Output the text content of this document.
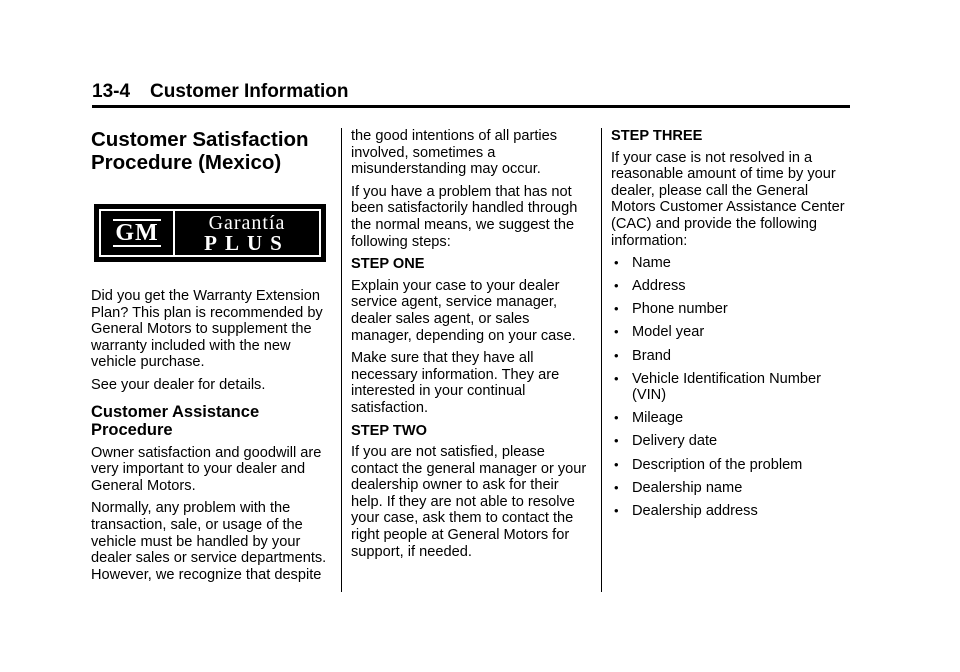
13-4 Customer Information
Customer Satisfaction Procedure (Mexico)
GM Garantía
PLUS

Did you get the Warranty Extension Plan? This plan is recommended by General Motors to supplement the warranty included with the new vehicle purchase.

See your dealer for details.

Customer Assistance Procedure

Owner satisfaction and goodwill are very important to your dealer and General Motors.

Normally, any problem with the transaction, sale, or usage of the vehicle must be handled by your dealer sales or service departments. However, we recognize that despite

the good intentions of all parties involved, sometimes a misunderstanding may occur.

If you have a problem that has not been satisfactorily handled through the normal means, we suggest the following steps:

STEP ONE

Explain your case to your dealer service agent, service manager, dealer sales agent, or sales manager, depending on your case.

Make sure that they have all necessary information. They are interested in your continual satisfaction.

STEP TWO

If you are not satisfied, please contact the general manager or your dealership owner to ask for their help. If they are not able to resolve your case, ask them to contact the right people at General Motors for support, if needed.

STEP THREE

If your case is not resolved in a reasonable amount of time by your dealer, please call the General Motors Customer Assistance Center (CAC) and provide the following information:

• Name
• Address
• Phone number
• Model year
• Brand
• Vehicle Identification Number (VIN)
• Mileage
• Delivery date
• Description of the problem
• Dealership name
• Dealership address
